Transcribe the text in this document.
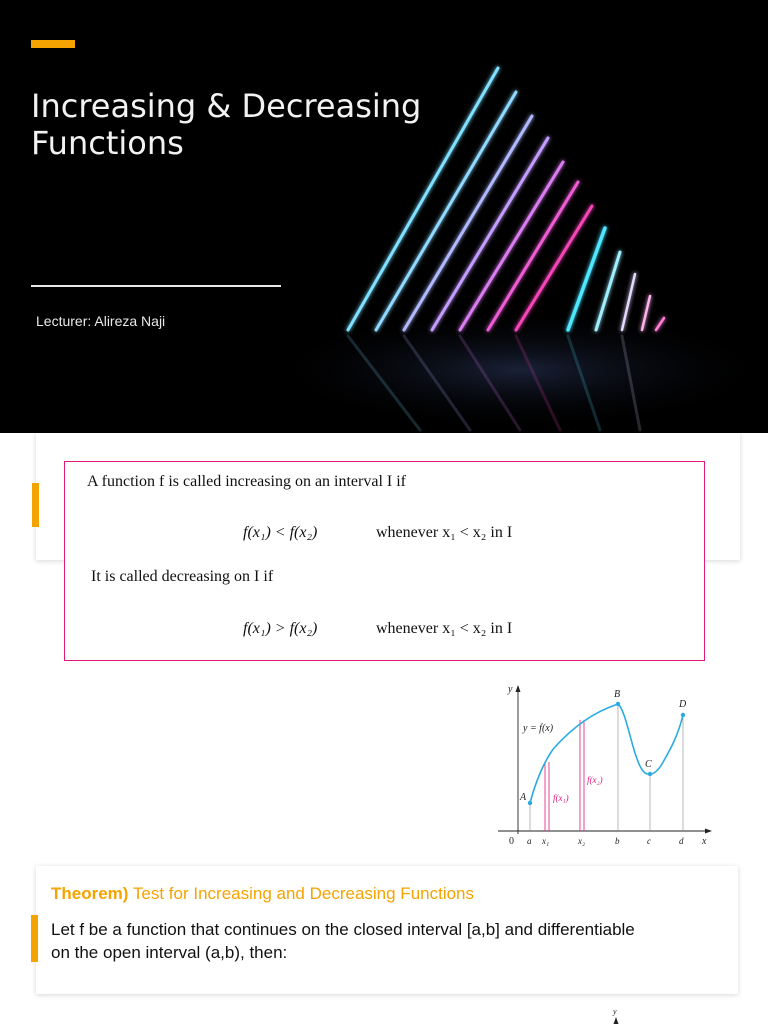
Increasing & Decreasing Functions
Lecturer: Alireza Naji
A function f is called increasing on an interval I if
f(x₁) < f(x₂)	whenever x₁ < x₂ in I
It is called decreasing on I if
f(x₁) > f(x₂)	whenever x₁ < x₂ in I
y
x
0
A
B
C
D
y = f(x)
f(x₁)
f(x₂)
a x₁	x₂	b	c	d
Theorem) Test for Increasing and Decreasing Functions
Let f be a function that continues on the closed interval [a,b] and differentiable on the open interval (a,b), then:
y
